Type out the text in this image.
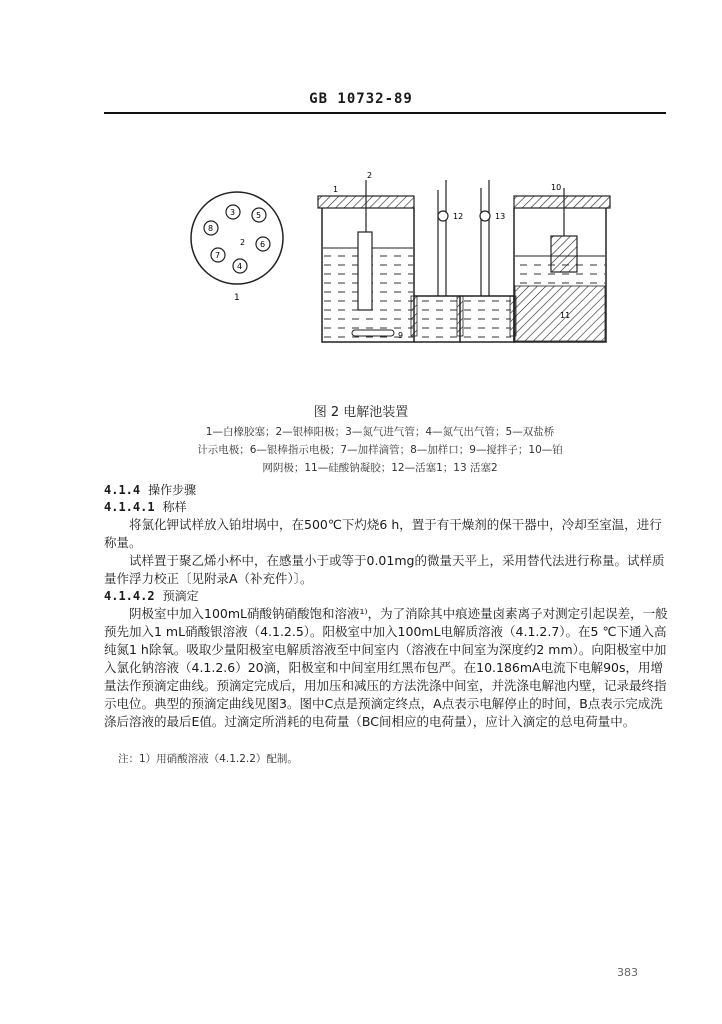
GB 10732-89
3	5
6
2
8
7
4
1
1
2
10
12	13
9
11
图 2 电解池装置
1—白橡胶塞；2—银棒阳极；3—氮气进气管；4—氮气出气管；5—双盐桥
计示电极；6—银棒指示电极；7—加样滴管；8—加样口；9—搅拌子；10—铂
网阴极；11—硅酸钠凝胶；12—活塞1；13 活塞2
4.1.4 操作步骤
4.1.4.1 称样
将氯化钾试样放入铂坩埚中，在500℃下灼烧6 h，置于有干燥剂的保干器中，冷却至室温，进行称量。
试样置于聚乙烯小杯中，在感量小于或等于0.01mg的微量天平上，采用替代法进行称量。试样质量作浮力校正〔见附录A（补充件）〕。
4.1.4.2 预滴定
阴极室中加入100mL硝酸钠硝酸饱和溶液¹⁾，为了消除其中痕迹量卤素离子对测定引起误差，一般预先加入1 mL硝酸银溶液（4.1.2.5）。阳极室中加入100mL电解质溶液（4.1.2.7）。在5 ℃下通入高纯氮1 h除氧。吸取少量阳极室电解质溶液至中间室内（溶液在中间室为深度约2 mm）。向阳极室中加入氯化钠溶液（4.1.2.6）20滴，阳极室和中间室用红黑布包严。在10.186mA电流下电解90s，用增量法作预滴定曲线。预滴定完成后，用加压和减压的方法洗涤中间室，并洗涤电解池内壁，记录最终指示电位。典型的预滴定曲线见图3。图中C点是预滴定终点，A点表示电解停止的时间，B点表示完成洗涤后溶液的最后E值。过滴定所消耗的电荷量（BC间相应的电荷量），应计入滴定的总电荷量中。
注：1）用硝酸溶液（4.1.2.2）配制。
383
